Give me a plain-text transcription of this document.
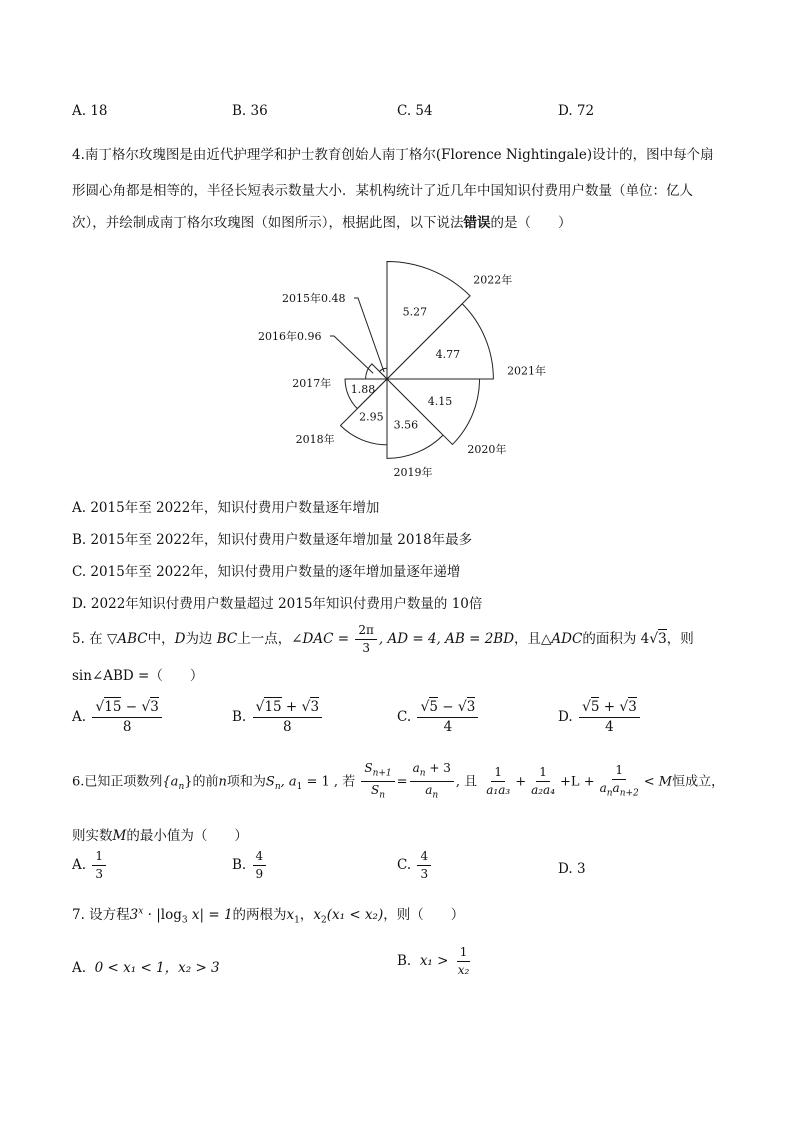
A. 18	B. 36	C. 54	D. 72
4.南丁格尔玫瑰图是由近代护理学和护士教育创始人南丁格尔(Florence Nightingale)设计的，图中每个扇
形圆心角都是相等的，半径长短表示数量大小．某机构统计了近几年中国知识付费用户数量（单位：亿人
次），并绘制成南丁格尔玫瑰图（如图所示），根据此图，以下说法错误的是（　　）
2015年0.48
2016年0.96
1.88
2017年
2.95
2018年
3.56
2019年
4.15
2020年
4.77
2021年
5.27
2022年
A. 2015年至 2022年，知识付费用户数量逐年增加
B. 2015年至 2022年，知识付费用户数量逐年增加量 2018年最多
C. 2015年至 2022年，知识付费用户数量的逐年增加量逐年递增
D. 2022年知识付费用户数量超过 2015年知识付费用户数量的 10倍
5. 在 ▽ABC中，D为边 BC上一点，∠DAC = $\frac{2\pi}{3}$ , AD = 4, AB = 2BD，且△ADC的面积为 4√3，则
sin∠ABD =（　　）
A. $\frac{√15 - √3}{8}$	B. $\frac{√15 + √3}{8}$	C. $\frac{√5 - √3}{4}$	D. $\frac{√5 + √3}{4}$
6.已知正项数列$\{a_n\}$的前n项和为$S_n$, $a_1 = 1$ , 若 $\frac{S_{n+1}}{S_n} = \frac{a_n + 3}{a_n}$ , 且 $\frac{1}{\text{a₁a₃}} + \frac{1}{\text{a₂a₄}} +L + \frac{1}{a_na_{n+2}} < M$恒成立，
则实数M的最小值为（　　）
A. $\frac{1}{3}$	B. $\frac{4}{9}$	C. $\frac{4}{3}$	D. 3
7. 设方程$3^x \cdot |\log_3$ x| = 1的两根为$x_1$，$x_2(x_1 < x_2)$，则（　　）
A. 0 < x₁ < 1，x₂ > 3	B. $x_1 > \frac{1}{\text{x₂}}$
